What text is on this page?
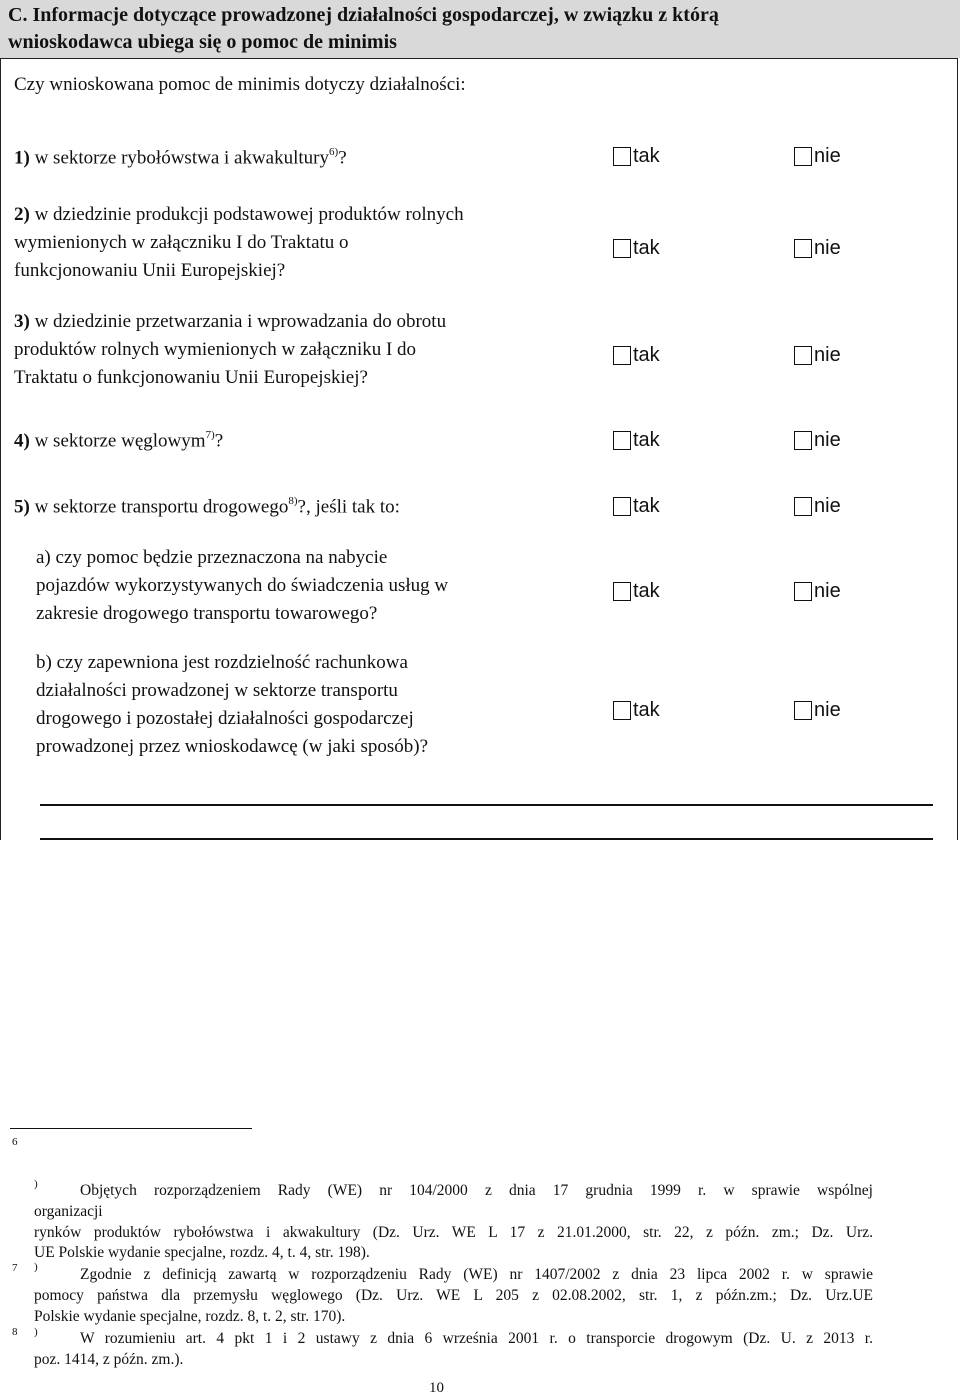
C. Informacje dotyczące prowadzonej działalności gospodarczej, w związku z którą
wnioskodawca ubiega się o pomoc de minimis
Czy wnioskowana pomoc de minimis dotyczy działalności:
1) w sektorze rybołówstwa i akwakultury$^{6)}$?	tak	nie
2) w dziedzinie produkcji podstawowej produktów rolnych
wymienionych w załączniku I do Traktatu o
funkcjonowaniu Unii Europejskiej?
tak	nie
3) w dziedzinie przetwarzania i wprowadzania do obrotu
produktów rolnych wymienionych w załączniku I do
Traktatu o funkcjonowaniu Unii Europejskiej?
tak	nie
4) w sektorze węglowym$^{7)}$?	tak	nie
5) w sektorze transportu drogowego$^{8)}$?, jeśli tak to:	tak	nie
a) czy pomoc będzie przeznaczona na nabycie
pojazdów wykorzystywanych do świadczenia usług w
zakresie drogowego transportu towarowego?
tak	nie
b) czy zapewniona jest rozdzielność rachunkowa
działalności prowadzonej w sektorze transportu
drogowego i pozostałej działalności gospodarczej
prowadzonej przez wnioskodawcę (w jaki sposób)?
tak	nie
6
)	Objętych rozporządzeniem Rady (WE) nr 104/2000 z dnia 17 grudnia 1999 r. w sprawie wspólnej
organizacji
rynków produktów rybołówstwa i akwakultury (Dz. Urz. WE L 17 z 21.01.2000, str. 22, z późn. zm.; Dz. Urz.
UE Polskie wydanie specjalne, rozdz. 4, t. 4, str. 198).
7 )	Zgodnie z definicją zawartą w rozporządzeniu Rady (WE) nr 1407/2002 z dnia 23 lipca 2002 r. w sprawie
pomocy państwa dla przemysłu węglowego (Dz. Urz. WE L 205 z 02.08.2002, str. 1, z późn.zm.; Dz. Urz.UE
Polskie wydanie specjalne, rozdz. 8, t. 2, str. 170).
8 )	W rozumieniu art. 4 pkt 1 i 2 ustawy z dnia 6 września 2001 r. o transporcie drogowym (Dz. U. z 2013 r.
poz. 1414, z późn. zm.).
10
